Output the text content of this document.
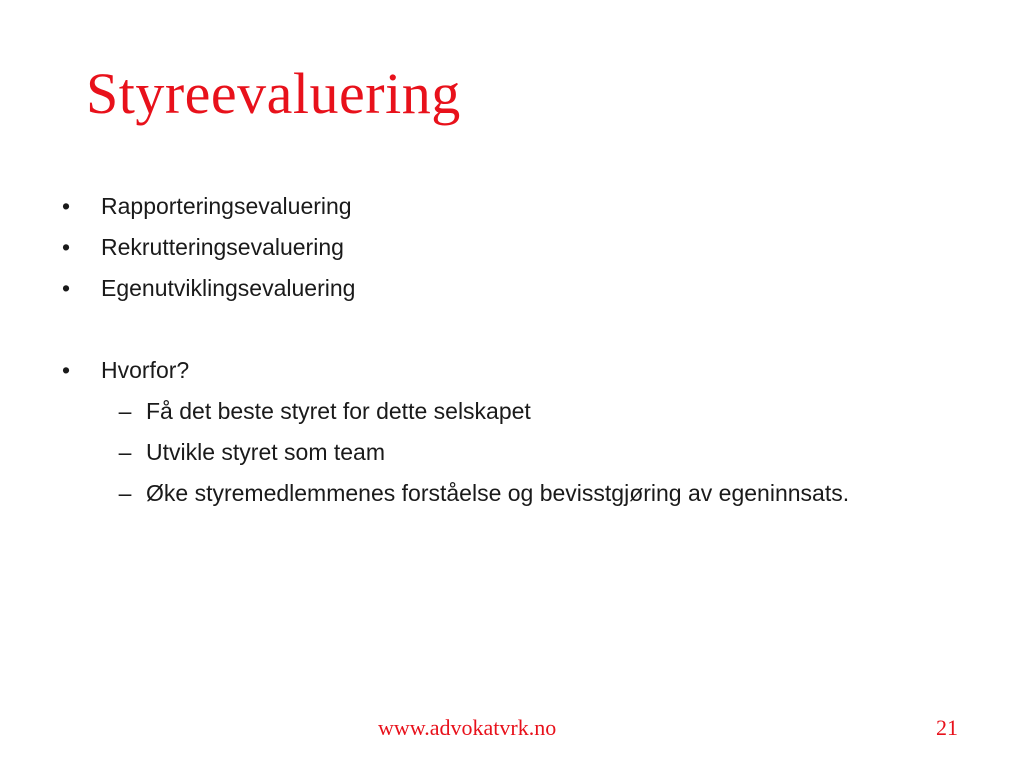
Styreevaluering
• Rapporteringsevaluering
• Rekrutteringsevaluering
• Egenutviklingsevaluering
• Hvorfor?
– Få det beste styret for dette selskapet
– Utvikle styret som team
– Øke styremedlemmenes forståelse og bevisstgjøring av egeninnsats.
www.advokatvrk.no	21
